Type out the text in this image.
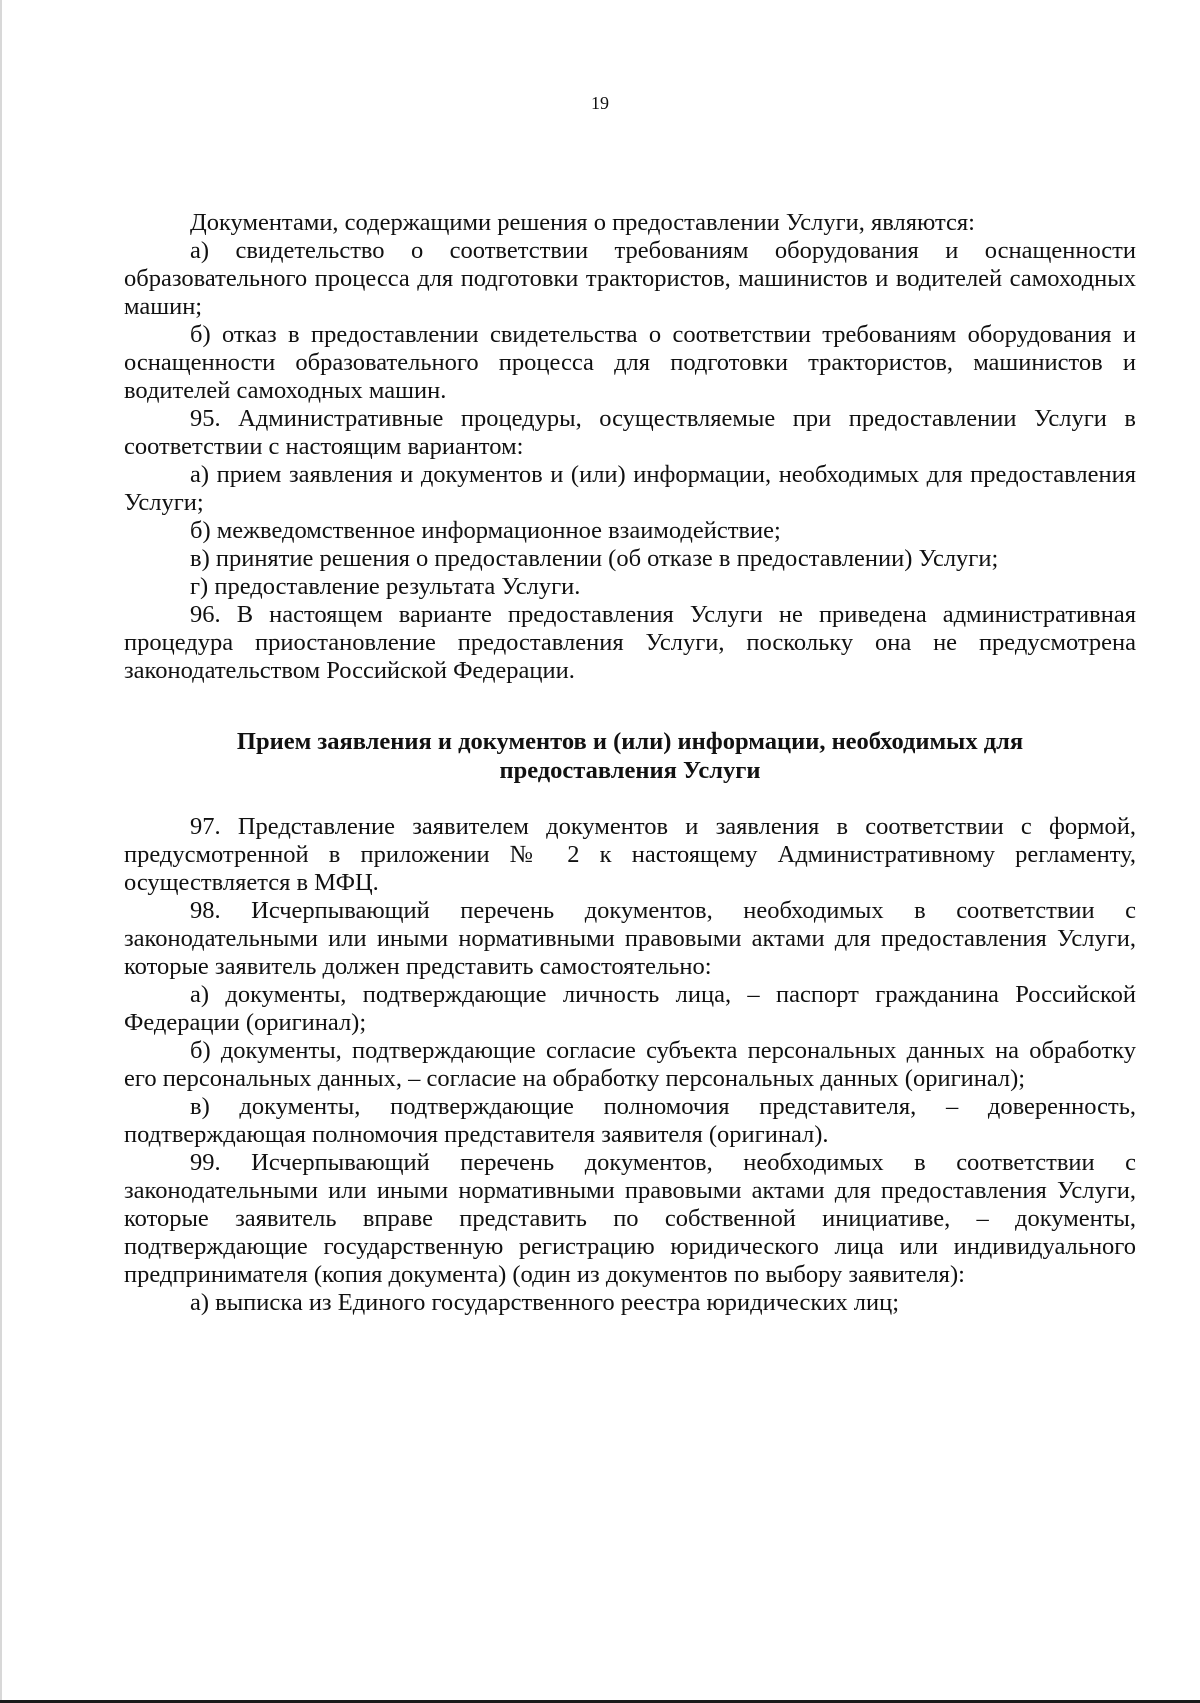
19

Документами, содержащими решения о предоставлении Услуги, являются:

а) свидетельство о соответствии требованиям оборудования и оснащенности образовательного процесса для подготовки трактористов, машинистов и водителей самоходных машин;

б) отказ в предоставлении свидетельства о соответствии требованиям оборудования и оснащенности образовательного процесса для подготовки трактористов, машинистов и водителей самоходных машин.

95. Административные процедуры, осуществляемые при предоставлении Услуги в соответствии с настоящим вариантом:

а) прием заявления и документов и (или) информации, необходимых для предоставления Услуги;

б) межведомственное информационное взаимодействие;

в) принятие решения о предоставлении (об отказе в предоставлении) Услуги;

г) предоставление результата Услуги.

96. В настоящем варианте предоставления Услуги не приведена административная процедура приостановление предоставления Услуги, поскольку она не предусмотрена законодательством Российской Федерации.

Прием заявления и документов и (или) информации, необходимых для предоставления Услуги

97. Представление заявителем документов и заявления в соответствии с формой, предусмотренной в приложении № 2 к настоящему Административному регламенту, осуществляется в МФЦ.

98. Исчерпывающий перечень документов, необходимых в соответствии с законодательными или иными нормативными правовыми актами для предоставления Услуги, которые заявитель должен представить самостоятельно:

а) документы, подтверждающие личность лица, – паспорт гражданина Российской Федерации (оригинал);

б) документы, подтверждающие согласие субъекта персональных данных на обработку его персональных данных, – согласие на обработку персональных данных (оригинал);

в) документы, подтверждающие полномочия представителя, – доверенность, подтверждающая полномочия представителя заявителя (оригинал).

99. Исчерпывающий перечень документов, необходимых в соответствии с законодательными или иными нормативными правовыми актами для предоставления Услуги, которые заявитель вправе представить по собственной инициативе, – документы, подтверждающие государственную регистрацию юридического лица или индивидуального предпринимателя (копия документа) (один из документов по выбору заявителя):

а) выписка из Единого государственного реестра юридических лиц;
